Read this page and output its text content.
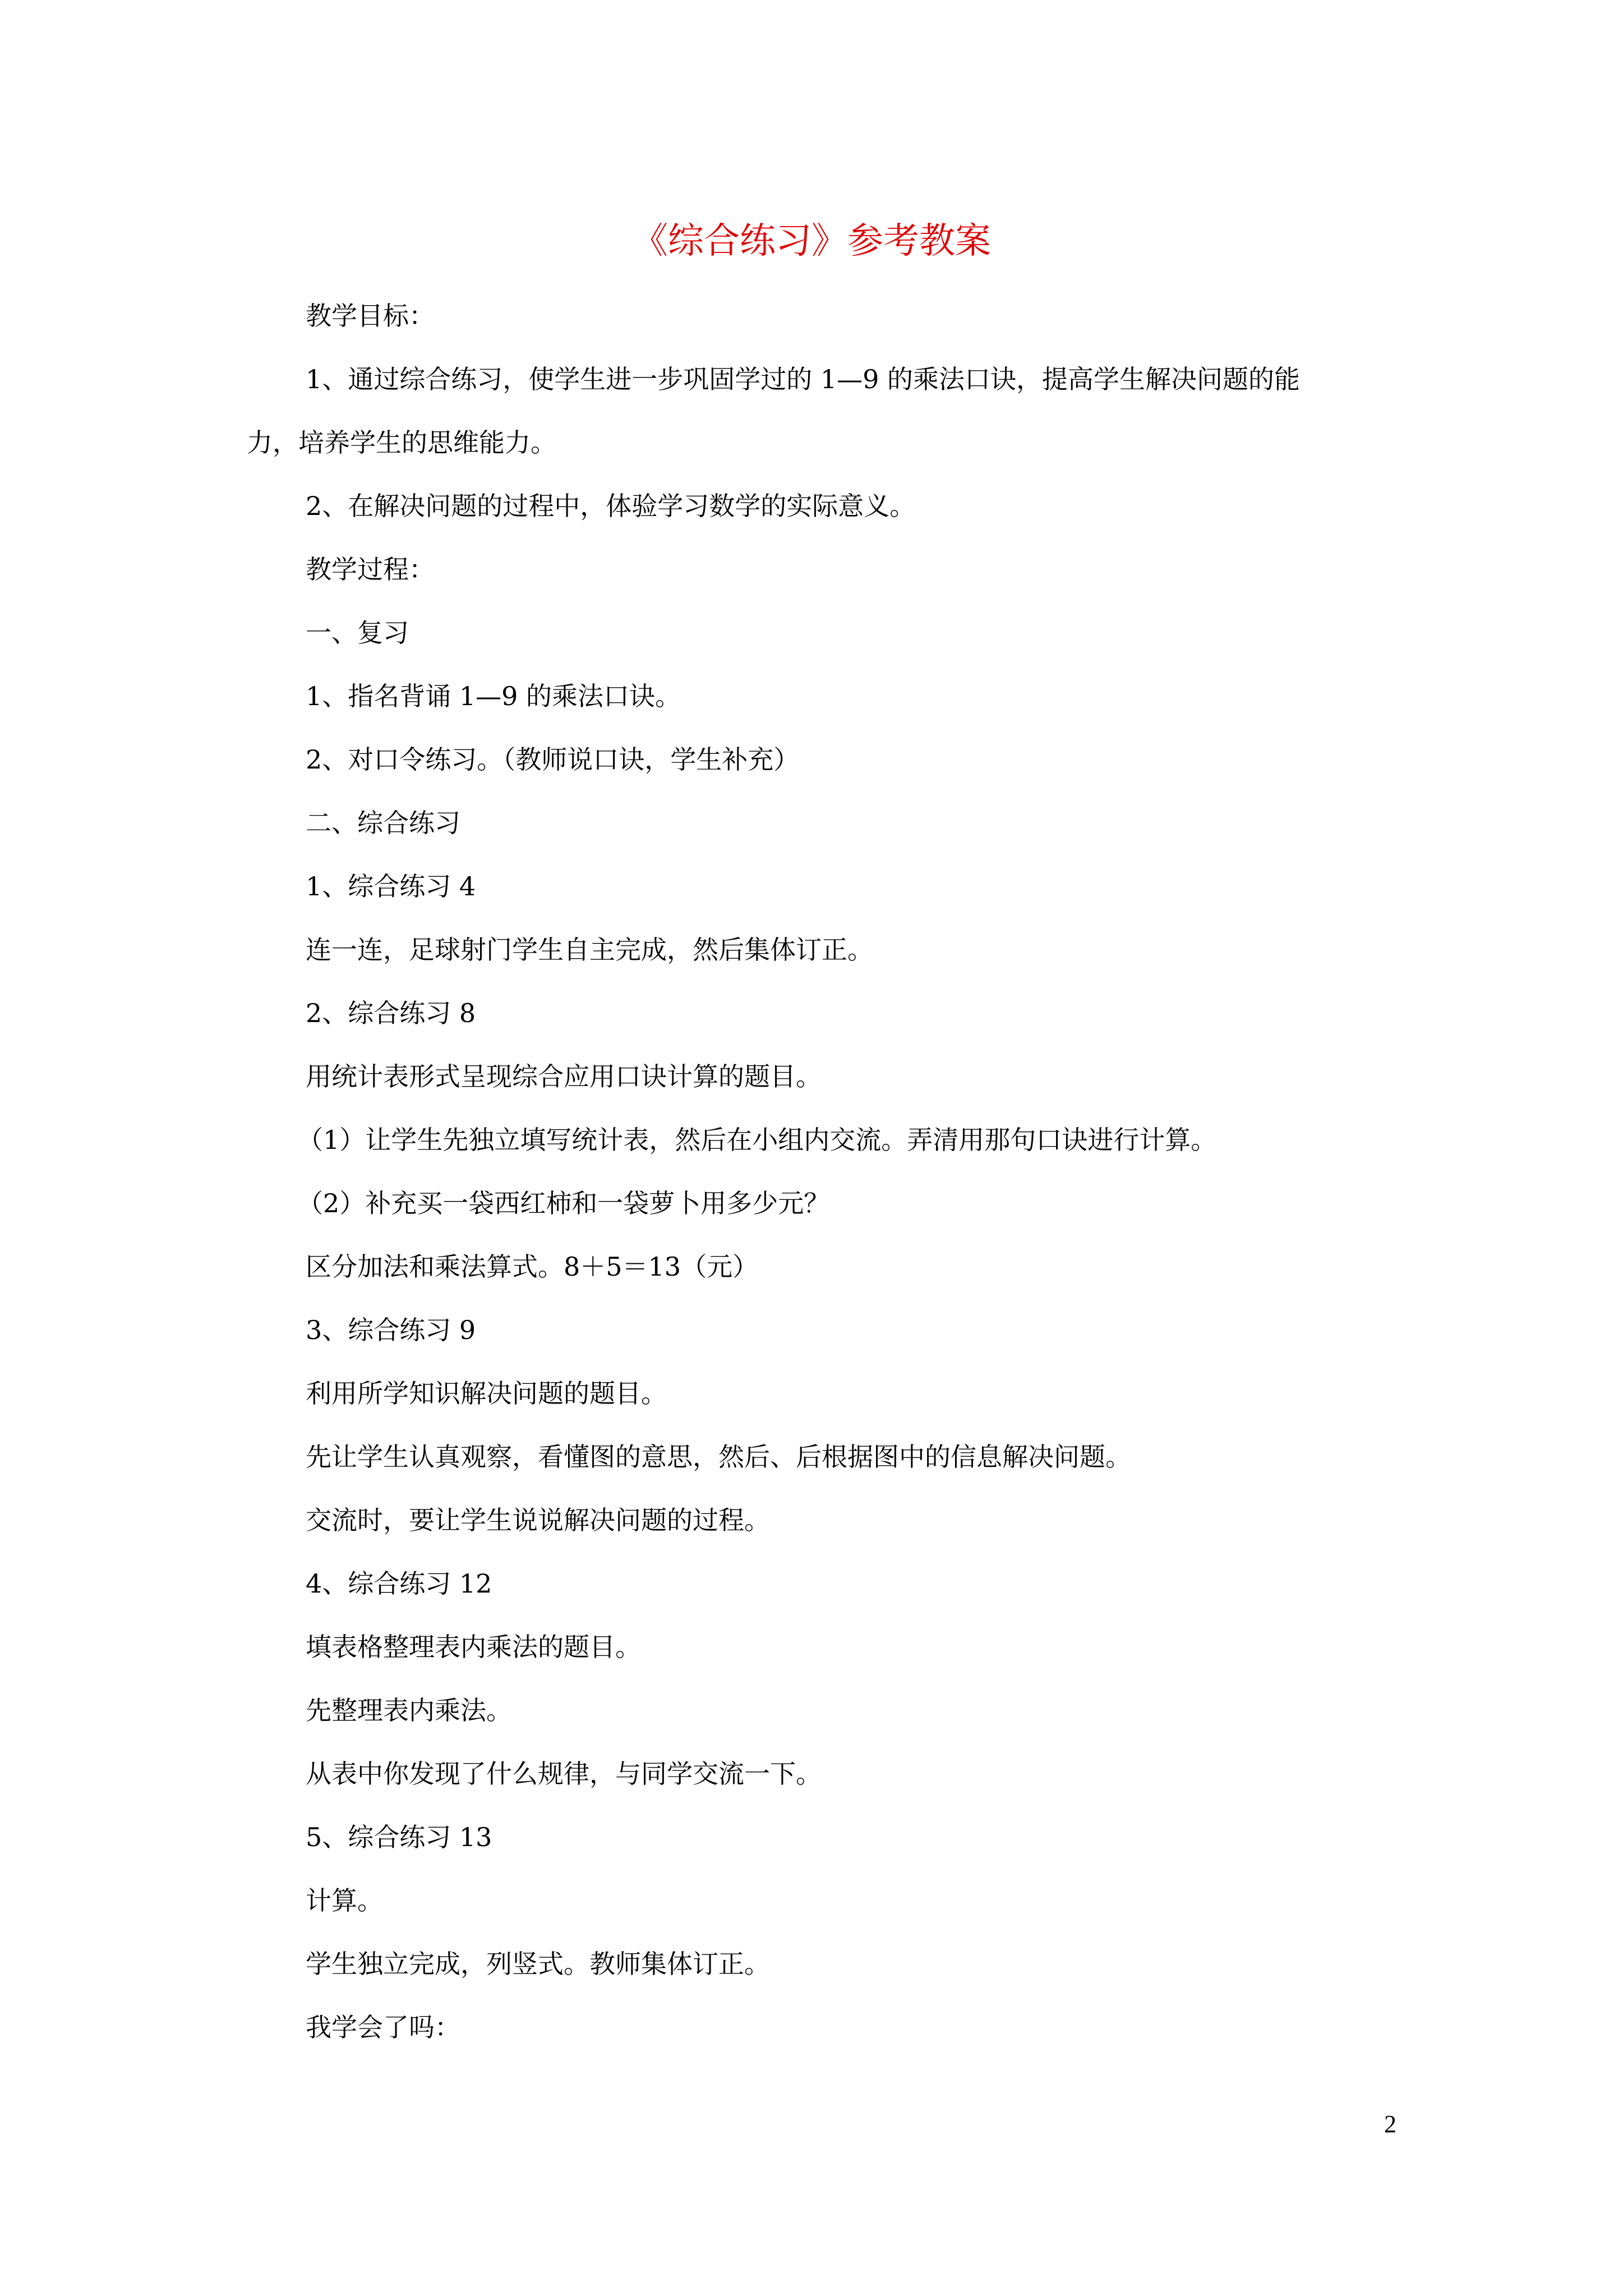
《综合练习》参考教案
教学目标：
1、通过综合练习，使学生进一步巩固学过的 1—9 的乘法口诀，提高学生解决问题的能
力，培养学生的思维能力。
2、在解决问题的过程中，体验学习数学的实际意义。
教学过程：
一、复习
1、指名背诵 1—9 的乘法口诀。
2、对口令练习。（教师说口诀，学生补充）
二、综合练习
1、综合练习 4
连一连，足球射门学生自主完成，然后集体订正。
2、综合练习 8
用统计表形式呈现综合应用口诀计算的题目。
（1）让学生先独立填写统计表，然后在小组内交流。弄清用那句口诀进行计算。
（2）补充买一袋西红柿和一袋萝卜用多少元？
区分加法和乘法算式。8＋5＝13（元）
3、综合练习 9
利用所学知识解决问题的题目。
先让学生认真观察，看懂图的意思，然后、后根据图中的信息解决问题。
交流时，要让学生说说解决问题的过程。
4、综合练习 12
填表格整理表内乘法的题目。
先整理表内乘法。
从表中你发现了什么规律，与同学交流一下。
5、综合练习 13
计算。
学生独立完成，列竖式。教师集体订正。
我学会了吗：
2
